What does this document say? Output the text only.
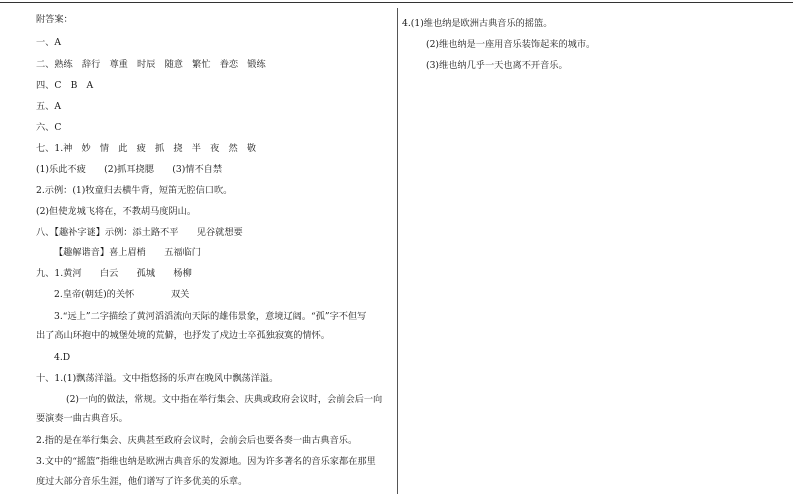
附答案：
一、A
二、熟练　辞行　尊重　时辰　随意　繁忙　眷恋　锻练
四、C　B　A
五、A
六、C
七、1.神　妙　情　此　疲　抓　挠　半　夜　然　敬
(1)乐此不疲　　(2)抓耳挠腮　　(3)情不自禁
2.示例：(1)牧童归去横牛背，短笛无腔信口吹。
(2)但使龙城飞将在，不教胡马度阴山。
八、【趣补字谜】示例：添土路不平　　见谷就想要
【趣解谐音】喜上眉梢　　五福临门
九、1.黄河　　白云　　孤城　　杨柳
2.皇帝(朝廷)的关怀　　　　双关
3.“远上”二字描绘了黄河滔滔流向天际的雄伟景象，意境辽阔。“孤”字不但写
出了高山环抱中的城堡处境的荒僻，也抒发了戍边士卒孤独寂寞的情怀。
4.D
十、1.(1)飘荡洋溢。文中指悠扬的乐声在晚风中飘荡洋溢。
(2)一向的做法，常规。文中指在举行集会、庆典或政府会议时，会前会后一向
要演奏一曲古典音乐。
2.指的是在举行集会、庆典甚至政府会议时，会前会后也要各奏一曲古典音乐。
3.文中的“摇篮”指维也纳是欧洲古典音乐的发源地。因为许多著名的音乐家都在那里
度过大部分音乐生涯，他们谱写了许多优美的乐章。
4.(1)维也纳是欧洲古典音乐的摇篮。
(2)维也纳是一座用音乐装饰起来的城市。
(3)维也纳几乎一天也离不开音乐。
